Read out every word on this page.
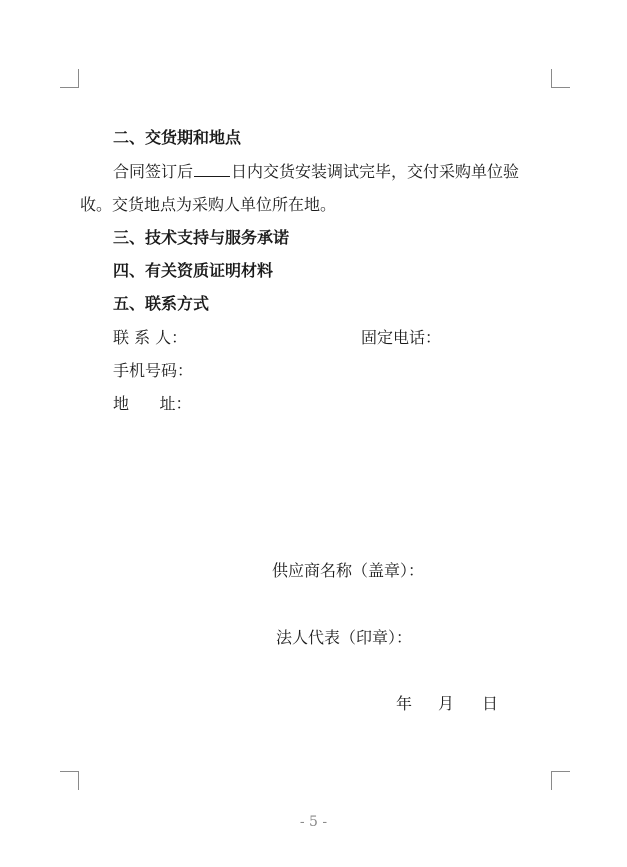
二、交货期和地点
合同签订后 日内交货安装调试完毕，交付采购单位验
收。交货地点为采购人单位所在地。
三、技术支持与服务承诺
四、有关资质证明材料
五、联系方式
联 系 人：	固定电话：
手机号码：
地      址：
供应商名称（盖章）：
法人代表（印章）：
年 月 日
- 5 -
